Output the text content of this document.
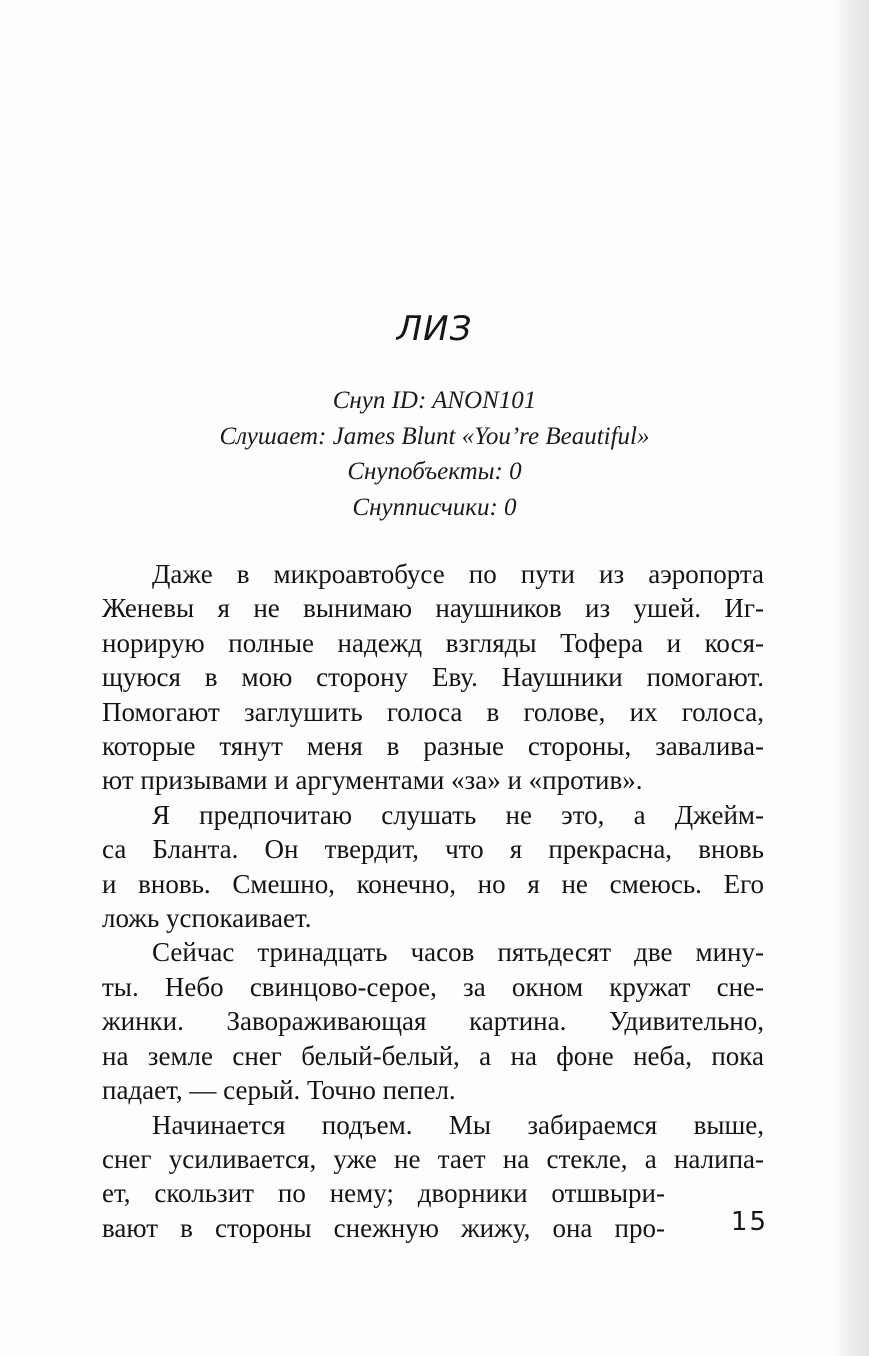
ЛИЗ
Снуп ID: ANON101
Слушает: James Blunt «You’re Beautiful»
Снупобъекты: 0
Снупписчики: 0

Даже в микроавтобусе по пути из аэропорта
Женевы я не вынимаю наушников из ушей. Иг-
норирую полные надежд взгляды Тофера и кося-
щуюся в мою сторону Еву. Наушники помогают.
Помогают заглушить голоса в голове, их голоса,
которые тянут меня в разные стороны, заваливa-
ют призывами и аргументами «за» и «против».

Я предпочитаю слушать не это, а Джейм-
са Бланта. Он твердит, что я прекрасна, вновь
и вновь. Смешно, конечно, но я не смеюсь. Его
ложь успокаивает.

Сейчас тринадцать часов пятьдесят две мину-
ты. Небо свинцово-серое, за окном кружат сне-
жинки. Завораживающая картина. Удивительно,
на земле снег белый-белый, а на фоне неба, пока
падает, — серый. Точно пепел.

Начинается подъем. Мы забираемся выше,
снег усиливается, уже не тает на стекле, а налипа-
ет, скользит по нему; дворники отшвыри-
вают в стороны снежную жижу, она про-	15
